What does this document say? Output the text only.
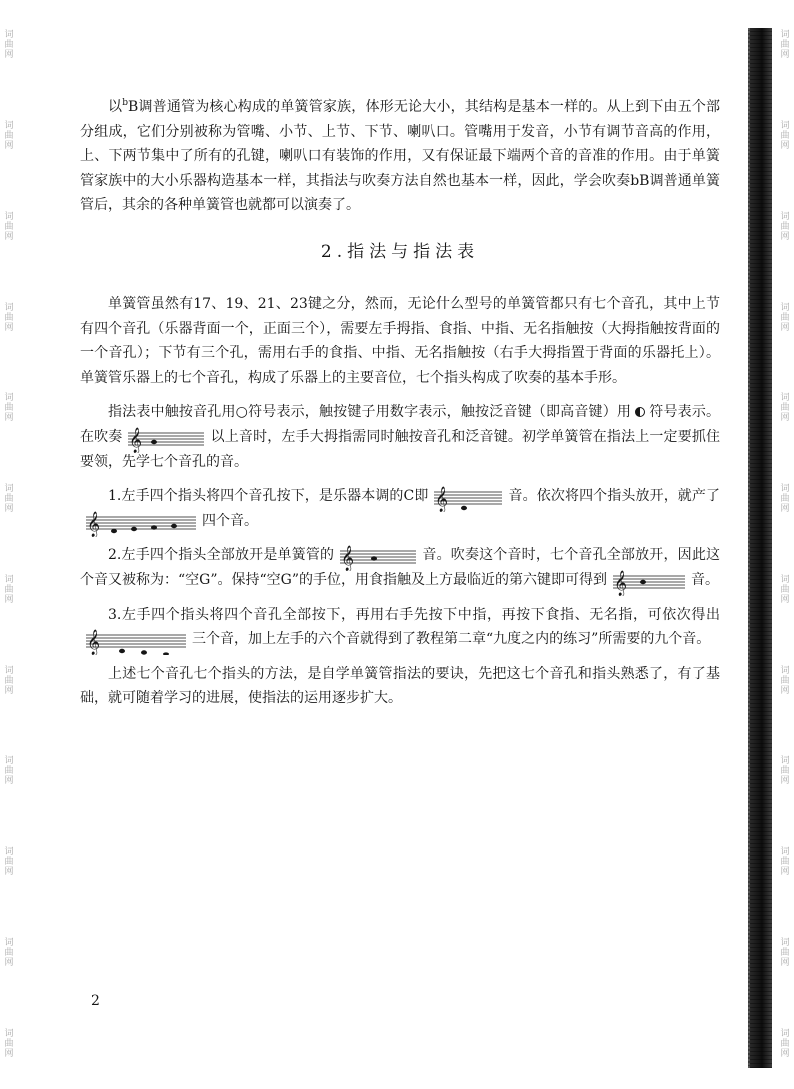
词
曲
网
词
曲
网
词
曲
网
词
曲
网
词
曲
网
词
曲
网
词
曲
网
词
曲
网
词
曲
网
词
曲
网
词
曲
网
词
曲
网
词
曲
网
词
曲
网
词
曲
网
词
曲
网
词
曲
网
词
曲
网
词
曲
网
词
曲
网
词
曲
网
词
曲
网
词
曲
网
词
曲
网

以$^b$B调普通管为核心构成的单簧管家族，体形无论大小，其结构是基本一样的。从上到下由五个部分组成，它们分别被称为管嘴、小节、上节、下节、喇叭口。管嘴用于发音，小节有调节音高的作用，上、下两节集中了所有的孔键，喇叭口有装饰的作用，又有保证最下端两个音的音准的作用。由于单簧管家族中的大小乐器构造基本一样，其指法与吹奏方法自然也基本一样，因此，学会吹奏bB调普通单簧管后，其余的各种单簧管也就都可以演奏了。

2.指法与指法表

单簧管虽然有17、19、21、23键之分，然而，无论什么型号的单簧管都只有七个音孔，其中上节有四个音孔（乐器背面一个，正面三个），需要左手拇指、食指、中指、无名指触按（大拇指触按背面的一个音孔）；下节有三个孔，需用右手的食指、中指、无名指触按（右手大拇指置于背面的乐器托上）。单簧管乐器上的七个音孔，构成了乐器上的主要音位，七个指头构成了吹奏的基本手形。

指法表中触按音孔用○符号表示，触按键子用数字表示，触按泛音键（即高音键）用 符号表示。在吹奏 𝄞	以上音时，左手大拇指需同时触按音孔和泛音键。初学单簧管在指法上一定要抓住要领，先学七个音孔的音。

1.左手四个指头将四个音孔按下，是乐器本调的C即 𝄞	音。依次将四个指头放开，就产了
𝄞	四个音。

2.左手四个指头全部放开是单簧管的 𝄞	音。吹奏这个音时，七个音孔全部放开，因此这个音又被称为：“空G”。保持“空G”的手位，用食指触及上方最临近的第六键即可得到 𝄞	音。

3.左手四个指头将四个音孔全部按下，再用右手先按下中指，再按下食指、无名指，可依次得出
𝄞	三个音，加上左手的六个音就得到了教程第二章“九度之内的练习”所需要的九个音。

上述七个音孔七个指头的方法，是自学单簧管指法的要诀，先把这七个音孔和指头熟悉了，有了基础，就可随着学习的进展，使指法的运用逐步扩大。

2
